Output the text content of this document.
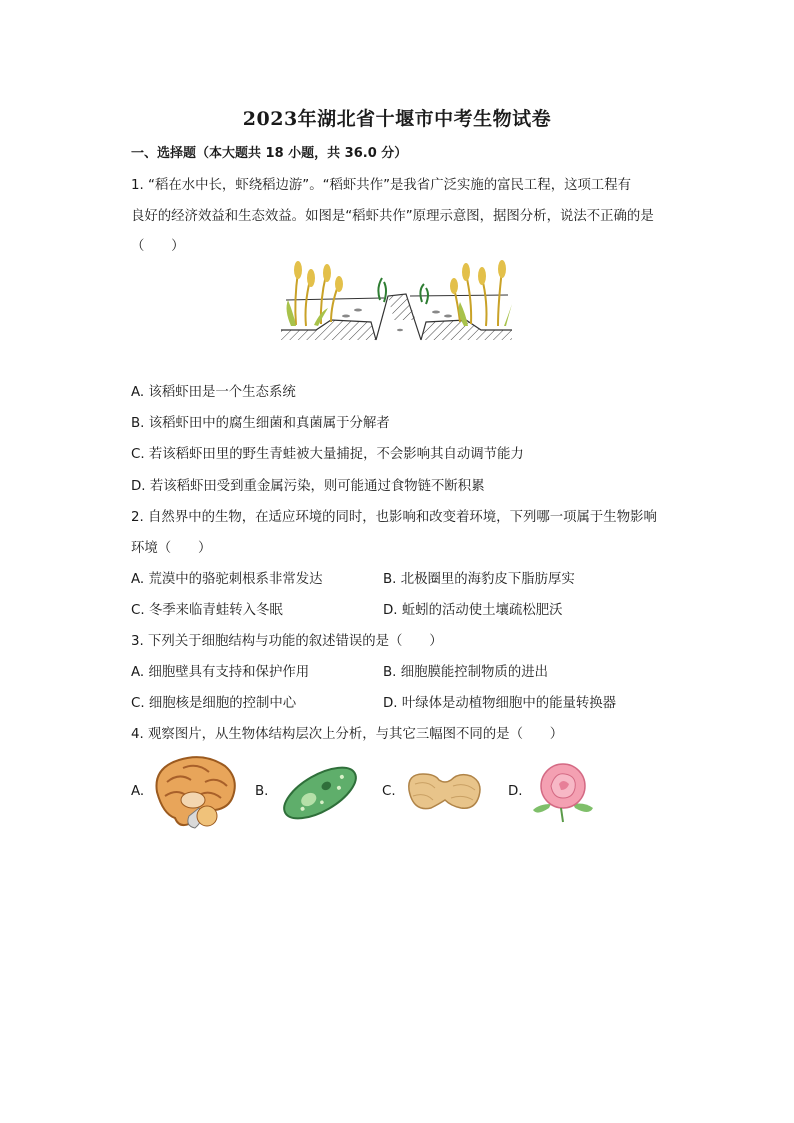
2023年湖北省十堰市中考生物试卷
一、选择题（本大题共 18 小题，共 36.0 分）
1. “稻在水中长，虾绕稻边游”。“稻虾共作”是我省广泛实施的富民工程，这项工程有
良好的经济效益和生态效益。如图是“稻虾共作”原理示意图，据图分析，说法不正确的是
（　　）
A. 该稻虾田是一个生态系统
B. 该稻虾田中的腐生细菌和真菌属于分解者
C. 若该稻虾田里的野生青蛙被大量捕捉，不会影响其自动调节能力
D. 若该稻虾田受到重金属污染，则可能通过食物链不断积累
2. 自然界中的生物，在适应环境的同时，也影响和改变着环境，下列哪一项属于生物影响
环境（　　）
A. 荒漠中的骆驼刺根系非常发达	B. 北极圈里的海豹皮下脂肪厚实
C. 冬季来临青蛙转入冬眠	D. 蚯蚓的活动使土壤疏松肥沃
3. 下列关于细胞结构与功能的叙述错误的是（　　）
A. 细胞壁具有支持和保护作用	B. 细胞膜能控制物质的进出
C. 细胞核是细胞的控制中心	D. 叶绿体是动植物细胞中的能量转换器
4. 观察图片，从生物体结构层次上分析，与其它三幅图不同的是（　　）
A.	B.	C.	D.
